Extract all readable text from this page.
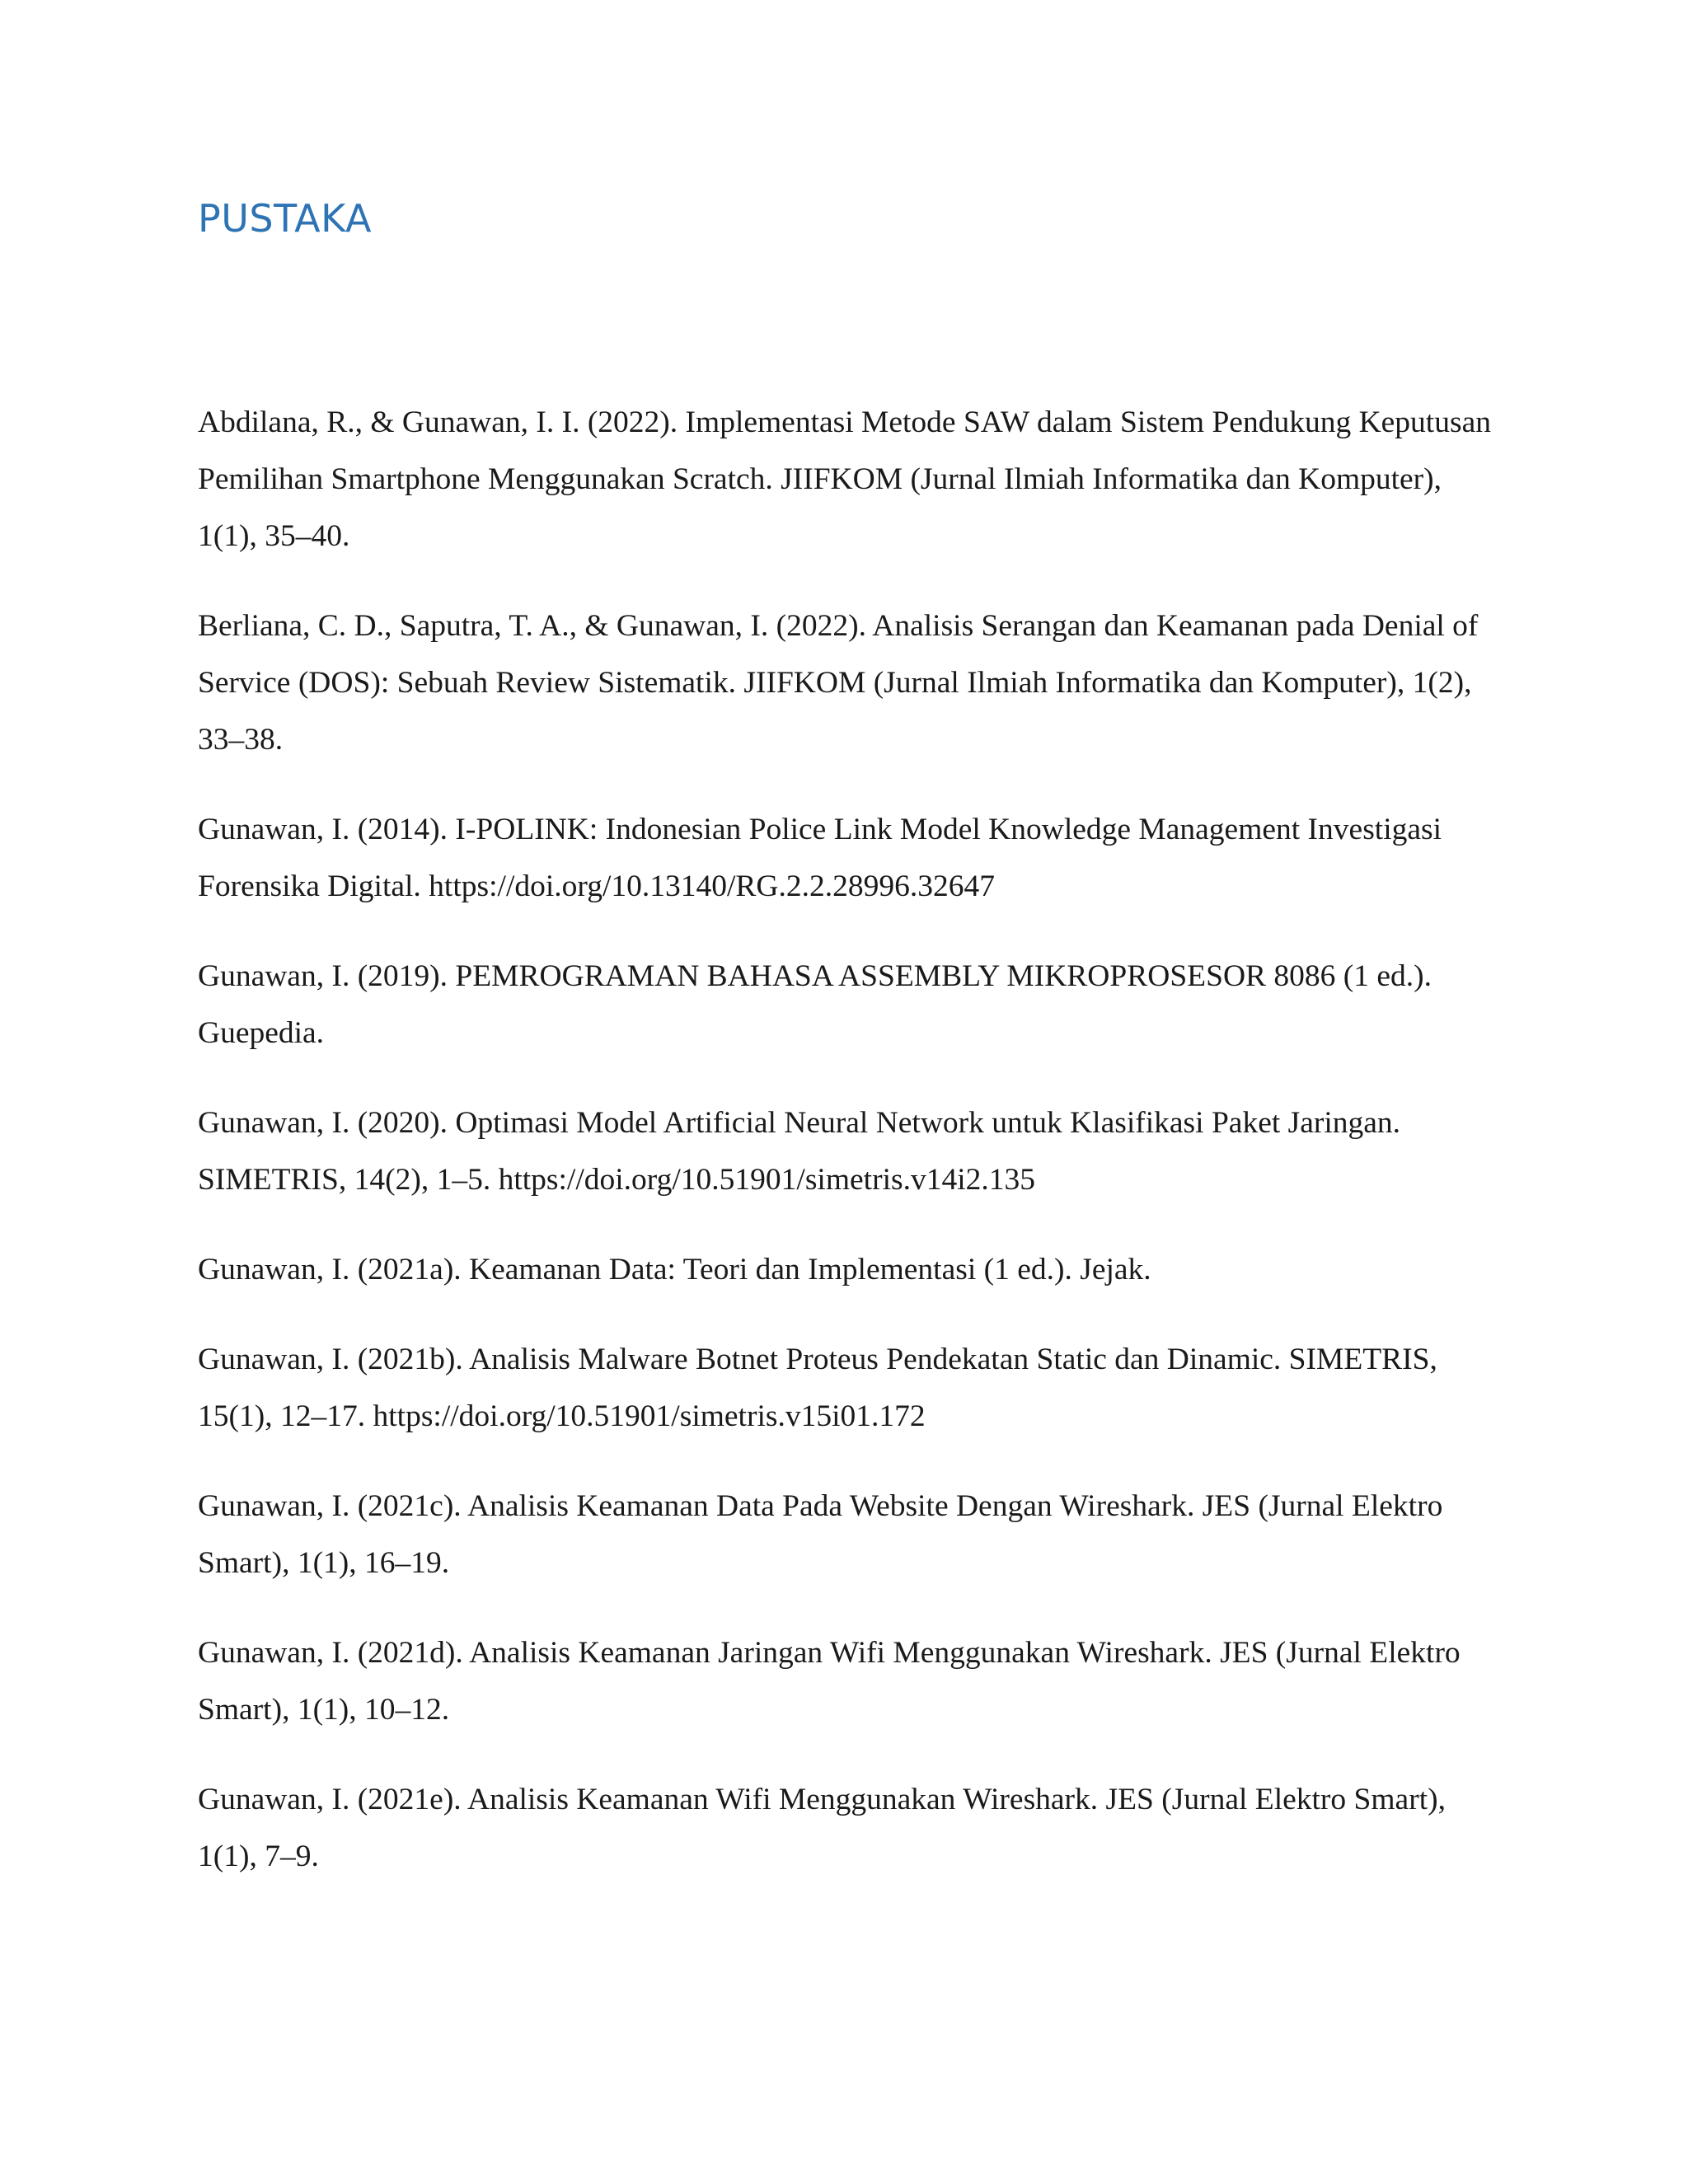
PUSTAKA
Abdilana, R., & Gunawan, I. I. (2022). Implementasi Metode SAW dalam Sistem Pendukung Keputusan Pemilihan Smartphone Menggunakan Scratch. JIIFKOM (Jurnal Ilmiah Informatika dan Komputer), 1(1), 35–40.
Berliana, C. D., Saputra, T. A., & Gunawan, I. (2022). Analisis Serangan dan Keamanan pada Denial of Service (DOS): Sebuah Review Sistematik. JIIFKOM (Jurnal Ilmiah Informatika dan Komputer), 1(2), 33–38.
Gunawan, I. (2014). I-POLINK: Indonesian Police Link Model Knowledge Management Investigasi Forensika Digital. https://doi.org/10.13140/RG.2.2.28996.32647
Gunawan, I. (2019). PEMROGRAMAN BAHASA ASSEMBLY MIKROPROSESOR 8086 (1 ed.). Guepedia.
Gunawan, I. (2020). Optimasi Model Artificial Neural Network untuk Klasifikasi Paket Jaringan. SIMETRIS, 14(2), 1–5. https://doi.org/10.51901/simetris.v14i2.135
Gunawan, I. (2021a). Keamanan Data: Teori dan Implementasi (1 ed.). Jejak.
Gunawan, I. (2021b). Analisis Malware Botnet Proteus Pendekatan Static dan Dinamic. SIMETRIS, 15(1), 12–17. https://doi.org/10.51901/simetris.v15i01.172
Gunawan, I. (2021c). Analisis Keamanan Data Pada Website Dengan Wireshark. JES (Jurnal Elektro Smart), 1(1), 16–19.
Gunawan, I. (2021d). Analisis Keamanan Jaringan Wifi Menggunakan Wireshark. JES (Jurnal Elektro Smart), 1(1), 10–12.
Gunawan, I. (2021e). Analisis Keamanan Wifi Menggunakan Wireshark. JES (Jurnal Elektro Smart), 1(1), 7–9.
